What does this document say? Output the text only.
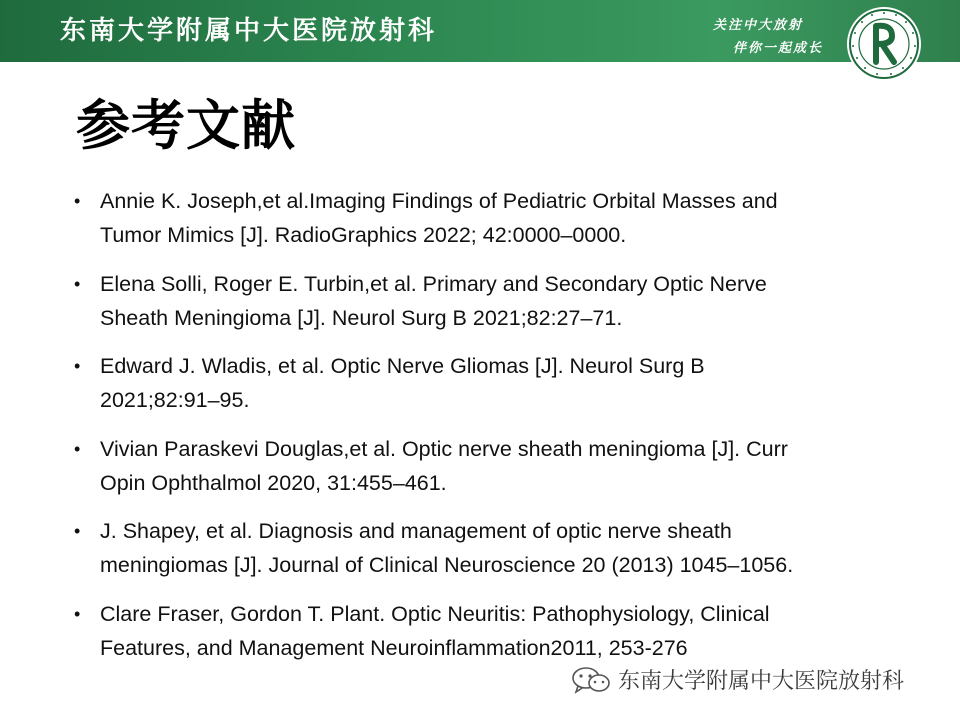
东南大学附属中大医院放射科	关注中大放射
伴你一起成长
参考文献
• Annie K. Joseph,et al.Imaging Findings of Pediatric Orbital Masses and
Tumor Mimics [J]. RadioGraphics 2022; 42:0000–0000.
• Elena Solli, Roger E. Turbin,et al. Primary and Secondary Optic Nerve
Sheath Meningioma [J]. Neurol Surg B 2021;82:27–71.
• Edward J. Wladis, et al. Optic Nerve Gliomas [J]. Neurol Surg B
2021;82:91–95.
• Vivian Paraskevi Douglas,et al. Optic nerve sheath meningioma [J]. Curr
Opin Ophthalmol 2020, 31:455–461.
• J. Shapey, et al. Diagnosis and management of optic nerve sheath
meningiomas [J]. Journal of Clinical Neuroscience 20 (2013) 1045–1056.
• Clare Fraser, Gordon T. Plant. Optic Neuritis: Pathophysiology, Clinical
Features, and Management Neuroinflammation2011, 253-276
东南大学附属中大医院放射科
